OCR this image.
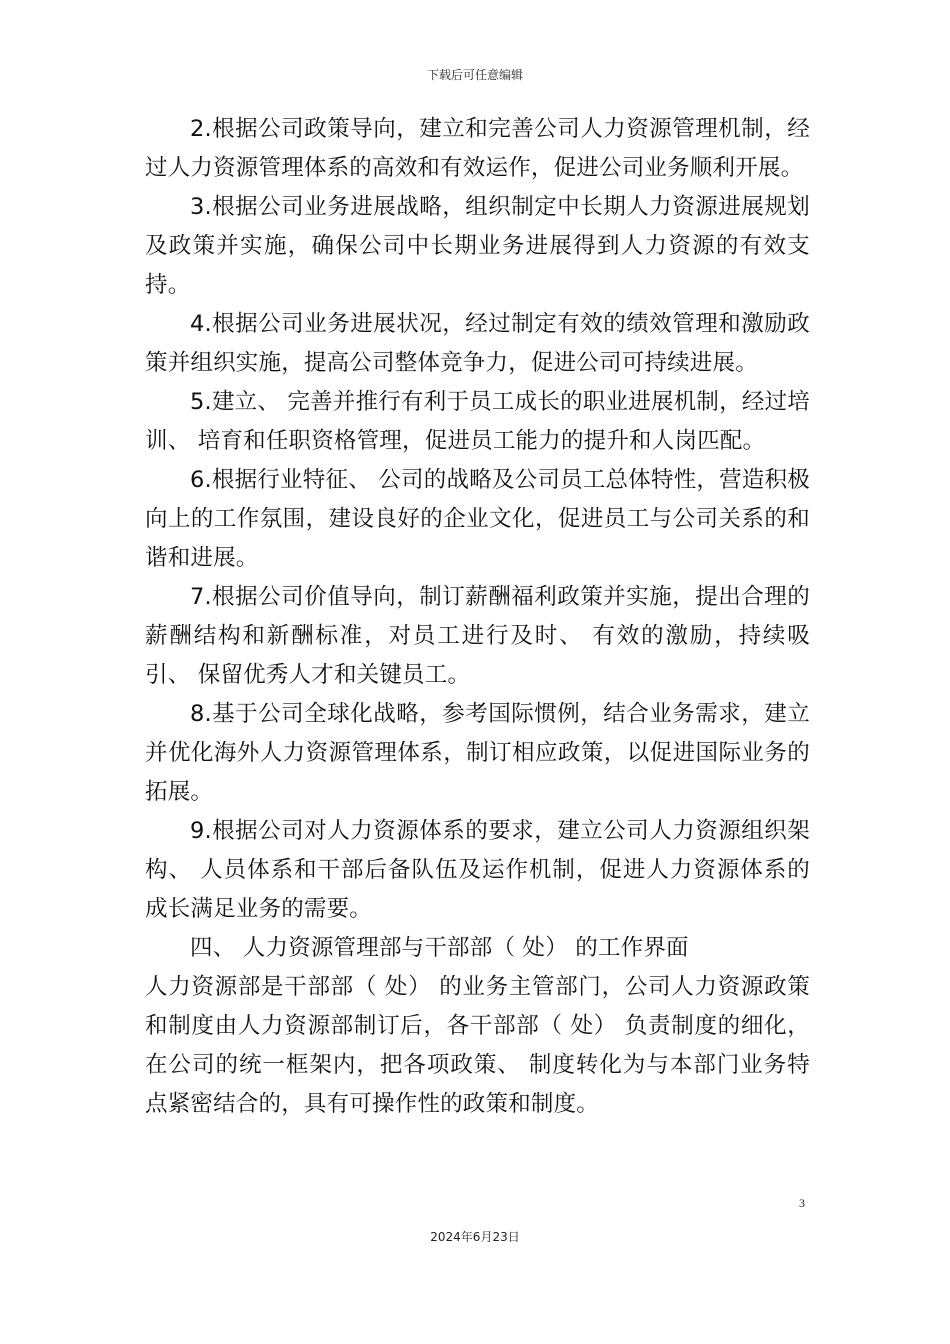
下载后可任意编辑

2.根据公司政策导向，建立和完善公司人力资源管理机制，经过人力资源管理体系的高效和有效运作，促进公司业务顺利开展。

3.根据公司业务进展战略，组织制定中长期人力资源进展规划及政策并实施，确保公司中长期业务进展得到人力资源的有效支持。

4.根据公司业务进展状况，经过制定有效的绩效管理和激励政策并组织实施，提高公司整体竞争力，促进公司可持续进展。

5.建立、 完善并推行有利于员工成长的职业进展机制，经过培训、 培育和任职资格管理，促进员工能力的提升和人岗匹配。

6.根据行业特征、 公司的战略及公司员工总体特性，营造积极向上的工作氛围，建设良好的企业文化，促进员工与公司关系的和谐和进展。

7.根据公司价值导向，制订薪酬福利政策并实施，提出合理的薪酬结构和新酬标准，对员工进行及时、 有效的激励，持续吸引、 保留优秀人才和关键员工。

8.基于公司全球化战略，参考国际惯例，结合业务需求，建立并优化海外人力资源管理体系，制订相应政策，以促进国际业务的拓展。

9.根据公司对人力资源体系的要求，建立公司人力资源组织架构、 人员体系和干部后备队伍及运作机制，促进人力资源体系的成长满足业务的需要。

四、 人力资源管理部与干部部（ 处） 的工作界面

人力资源部是干部部（ 处） 的业务主管部门，公司人力资源政策和制度由人力资源部制订后，各干部部（ 处） 负责制度的细化，在公司的统一框架内，把各项政策、 制度转化为与本部门业务特点紧密结合的，具有可操作性的政策和制度。

3
2024年6月23日
